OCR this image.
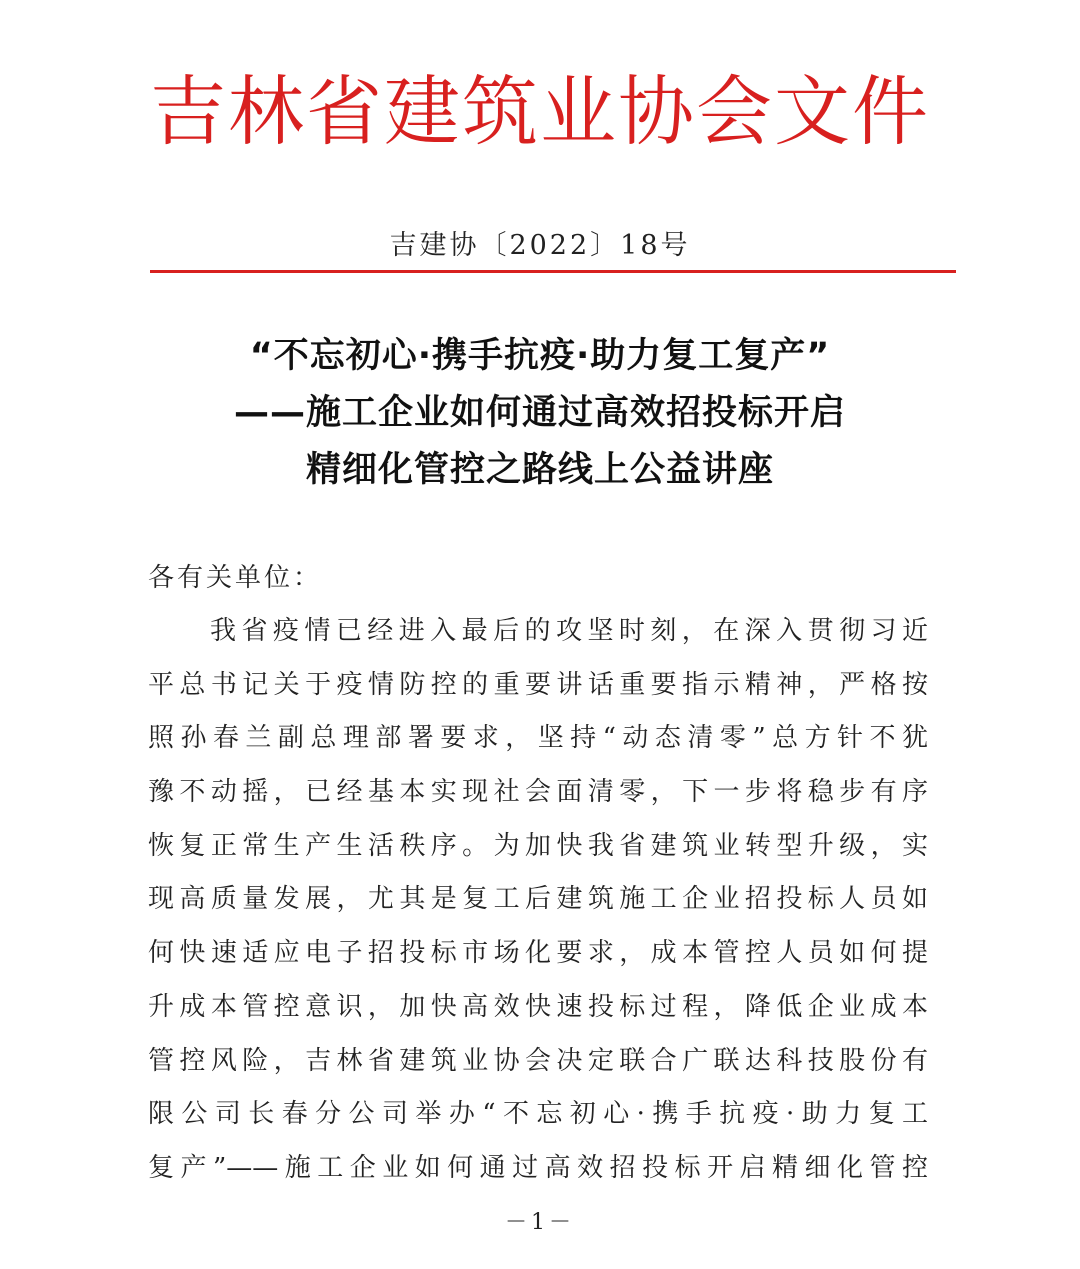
吉林省建筑业协会文件
吉建协〔2022〕18号
“不忘初心·携手抗疫·助力复工复产”
——施工企业如何通过高效招投标开启
精细化管控之路线上公益讲座
各有关单位：
我省疫情已经进入最后的攻坚时刻，在深入贯彻习近
平总书记关于疫情防控的重要讲话重要指示精神，严格按
照孙春兰副总理部署要求，坚持“动态清零”总方针不犹
豫不动摇，已经基本实现社会面清零，下一步将稳步有序
恢复正常生产生活秩序。为加快我省建筑业转型升级，实
现高质量发展，尤其是复工后建筑施工企业招投标人员如
何快速适应电子招投标市场化要求，成本管控人员如何提
升成本管控意识，加快高效快速投标过程，降低企业成本
管控风险，吉林省建筑业协会决定联合广联达科技股份有
限公司长春分公司举办“不忘初心·携手抗疫·助力复工
复产”——施工企业如何通过高效招投标开启精细化管控
－1－
